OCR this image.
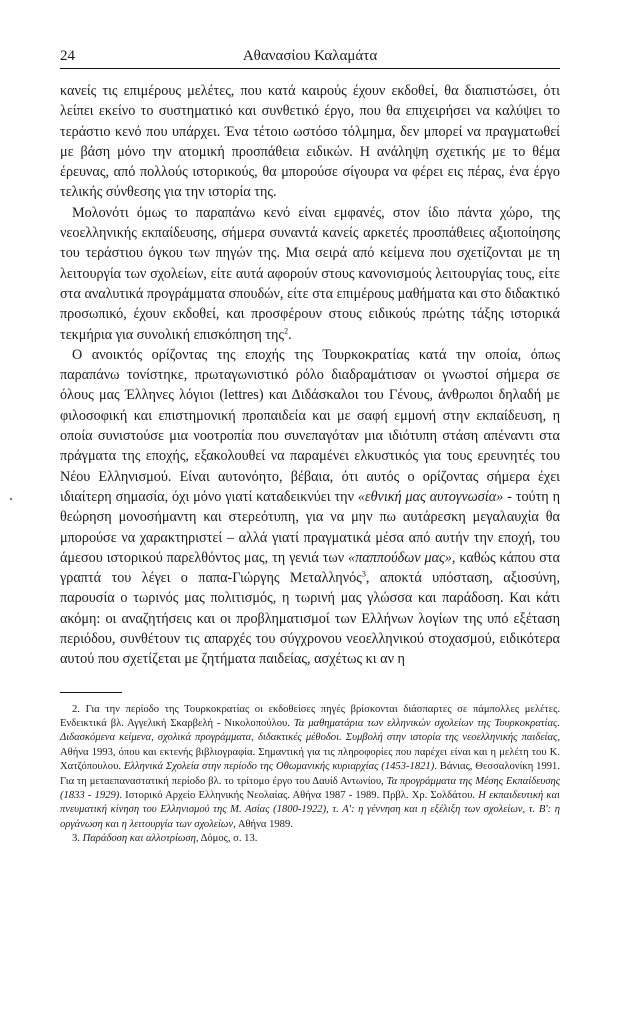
24	Αθανασίου Καλαμάτα

κανείς τις επιμέρους μελέτες, που κατά καιρούς έχουν εκδοθεί, θα διαπιστώσει, ότι λείπει εκείνο το συστηματικό και συνθετικό έργο, που θα επιχειρήσει να καλύψει το τεράστιο κενό που υπάρχει. Ένα τέτοιο ωστόσο τόλμημα, δεν μπορεί να πραγματωθεί με βάση μόνο την ατομική προσπάθεια ειδικών. Η ανάληψη σχετικής με το θέμα έρευνας, από πολλούς ιστορικούς, θα μπορούσε σίγουρα να φέρει εις πέρας, ένα έργο τελικής σύνθεσης για την ιστορία της.

Μολονότι όμως το παραπάνω κενό είναι εμφανές, στον ίδιο πάντα χώρο, της νεοελληνικής εκπαίδευσης, σήμερα συναντά κανείς αρκετές προσπάθειες αξιοποίησης του τεράστιου όγκου των πηγών της. Μια σειρά από κείμενα που σχετίζονται με τη λειτουργία των σχολείων, είτε αυτά αφορούν στους κανονισμούς λειτουργίας τους, είτε στα αναλυτικά προγράμματα σπουδών, είτε στα επιμέρους μαθήματα και στο διδακτικό προσωπικό, έχουν εκδοθεί, και προσφέρουν στους ειδικούς πρώτης τάξης ιστορικά τεκμήρια για συνολική επισκόπηση της$^2$.

Ο ανοικτός ορίζοντας της εποχής της Τουρκοκρατίας κατά την οποία, όπως παραπάνω τονίστηκε, πρωταγωνιστικό ρόλο διαδραμάτισαν οι γνωστοί σήμερα σε όλους μας Έλληνες λόγιοι (lettres) και Διδάσκαλοι του Γένους, άνθρωποι δηλαδή με φιλοσοφική και επιστημονική προπαιδεία και με σαφή εμμονή στην εκπαίδευση, η οποία συνιστούσε μια νοοτροπία που συνεπαγόταν μια ιδιότυπη στάση απέναντι στα πράγματα της εποχής, εξακολουθεί να παραμένει ελκυστικός για τους ερευνητές του Νέου Ελληνισμού. Είναι αυτονόητο, βέβαια, ότι αυτός ο ορίζοντας σήμερα έχει ιδιαίτερη σημασία, όχι μόνο γιατί καταδεικνύει την «εθνική μας αυτογνωσία» - τούτη η θεώρηση μονοσήμαντη και στερεότυπη, για να μην πω αυτάρεσκη μεγαλαυχία θα μπορούσε να χαρακτηριστεί – αλλά γιατί πραγματικά μέσα από αυτήν την εποχή, του άμεσου ιστορικού παρελθόντος μας, τη γενιά των «παππούδων μας», καθώς κάπου στα γραπτά του λέγει ο παπα-Γιώργης Μεταλληνός$^3$, αποκτά υπόσταση, αξιοσύνη, παρουσία ο τωρινός μας πολιτισμός, η τωρινή μας γλώσσα και παράδοση. Και κάτι ακόμη: οι αναζητήσεις και οι προβληματισμοί των Ελλήνων λογίων της υπό εξέταση περιόδου, συνθέτουν τις απαρχές του σύγχρονου νεοελληνικού στοχασμού, ειδικότερα αυτού που σχετίζεται με ζητήματα παιδείας, ασχέτως κι αν η

2. Για την περίοδο της Τουρκοκρατίας οι εκδοθείσες πηγές βρίσκονται διάσπαρτες σε πάμπολλες μελέτες. Ενδεικτικά βλ. Αγγελική Σκαρβελή - Νικολοπούλου. Τα μαθηματάρια των ελληνικών σχολείων της Τουρκοκρατίας. Διδασκόμενα κείμενα, σχολικά προγράμματα, διδακτικές μέθοδοι. Συμβολή στην ιστορία της νεοελληνικής παιδείας, Αθήνα 1993, όπου και εκτενής βιβλιογραφία. Σημαντική για τις πληροφορίες που παρέχει είναι και η μελέτη του Κ. Χατζόπουλου. Ελληνικά Σχολεία στην περίοδο της Οθωμανικής κυριαρχίας (1453-1821). Βάνιας, Θεσσαλονίκη 1991. Για τη μεταεπαναστατική περίοδο βλ. το τρίτομο έργο του Δαυίδ Αντωνίου, Τα προγράμματα της Μέσης Εκπαίδευσης (1833 - 1929). Ιστορικό Αρχείο Ελληνικής Νεολαίας. Αθήνα 1987 - 1989. Πρβλ. Χρ. Σολδάτου. Η εκπαιδευτική και πνευματική κίνηση του Ελληνισμού της Μ. Ασίας (1800-1922), τ. Α': η γέννηση και η εξέλιξη των σχολείων, τ. Β': η οργάνωση και η λειτουργία των σχολείων, Αθήνα 1989.

3. Παράδοση και αλλοτρίωση, Δόμος, σ. 13.
